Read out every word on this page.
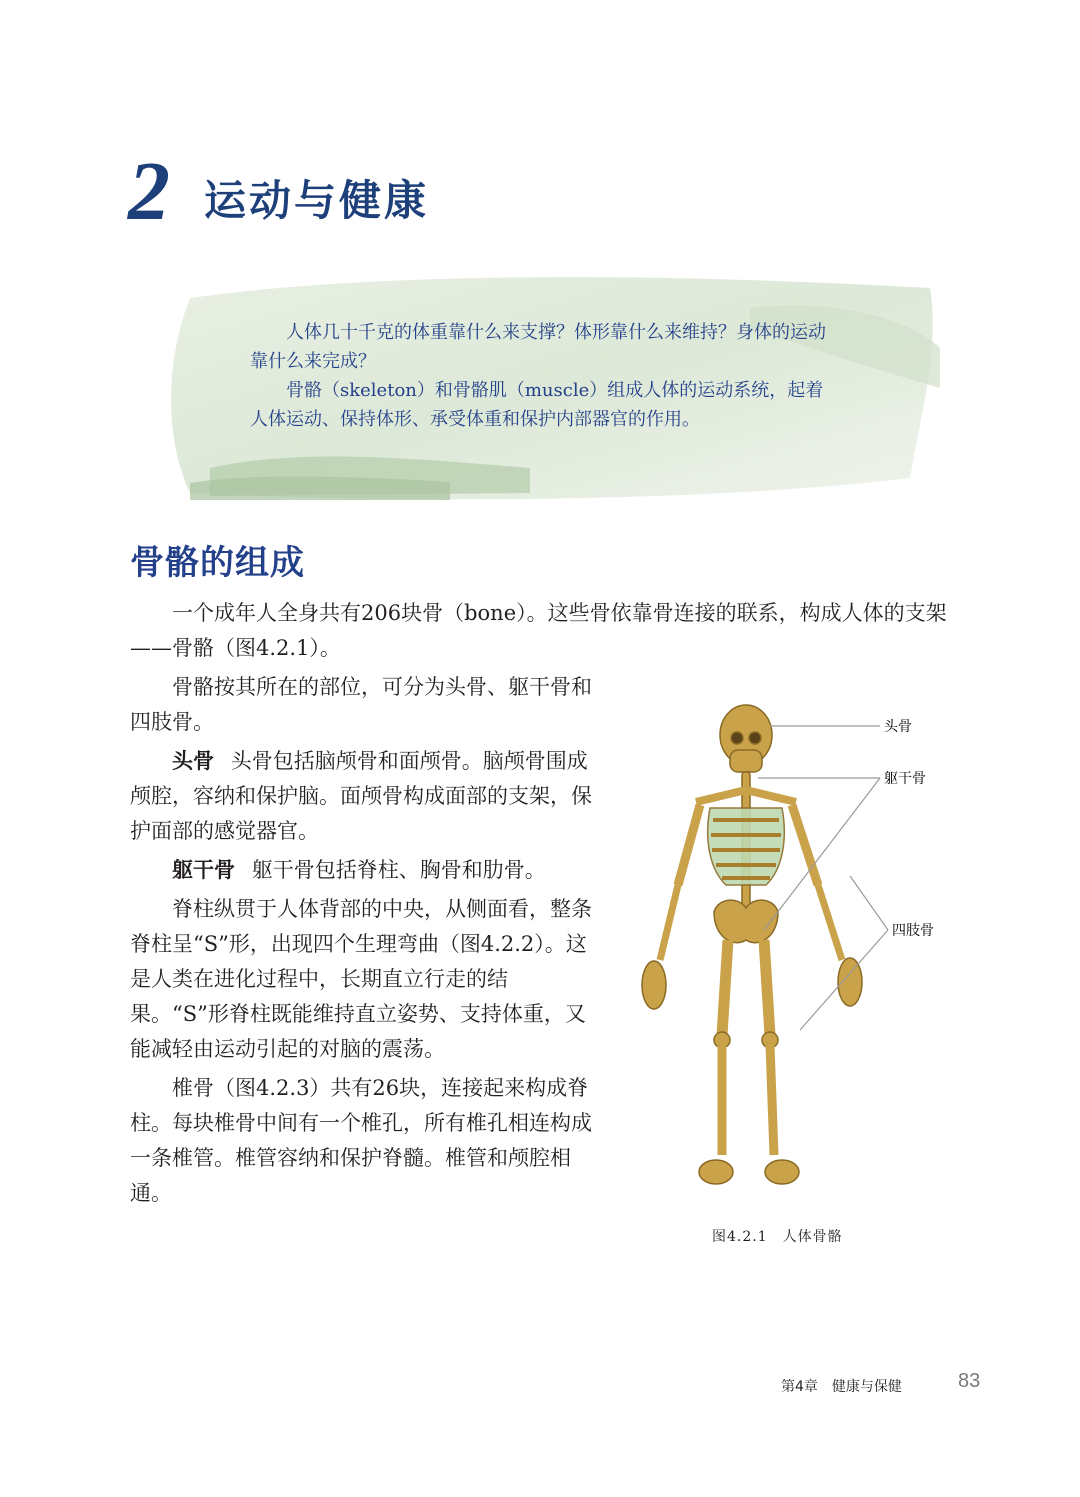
2 运动与健康

人体几十千克的体重靠什么来支撑？体形靠什么来维持？身体的运动靠什么来完成？

骨骼（skeleton）和骨骼肌（muscle）组成人体的运动系统，起着人体运动、保持体形、承受体重和保护内部器官的作用。

骨骼的组成

一个成年人全身共有206块骨（bone）。这些骨依靠骨连接的联系，构成人体的支架——骨骼（图4.2.1）。

骨骼按其所在的部位，可分为头骨、躯干骨和四肢骨。

头骨 头骨包括脑颅骨和面颅骨。脑颅骨围成颅腔，容纳和保护脑。面颅骨构成面部的支架，保护面部的感觉器官。

躯干骨 躯干骨包括脊柱、胸骨和肋骨。

脊柱纵贯于人体背部的中央，从侧面看，整条脊柱呈“S”形，出现四个生理弯曲（图4.2.2）。这是人类在进化过程中，长期直立行走的结果。“S”形脊柱既能维持直立姿势、支持体重，又能减轻由运动引起的对脑的震荡。

椎骨（图4.2.3）共有26块，连接起来构成脊柱。每块椎骨中间有一个椎孔，所有椎孔相连构成一条椎管。椎管容纳和保护脊髓。椎管和颅腔相通。

头骨
躯干骨
四肢骨
图4.2.1　人体骨骼
第4章　健康与保健	83
